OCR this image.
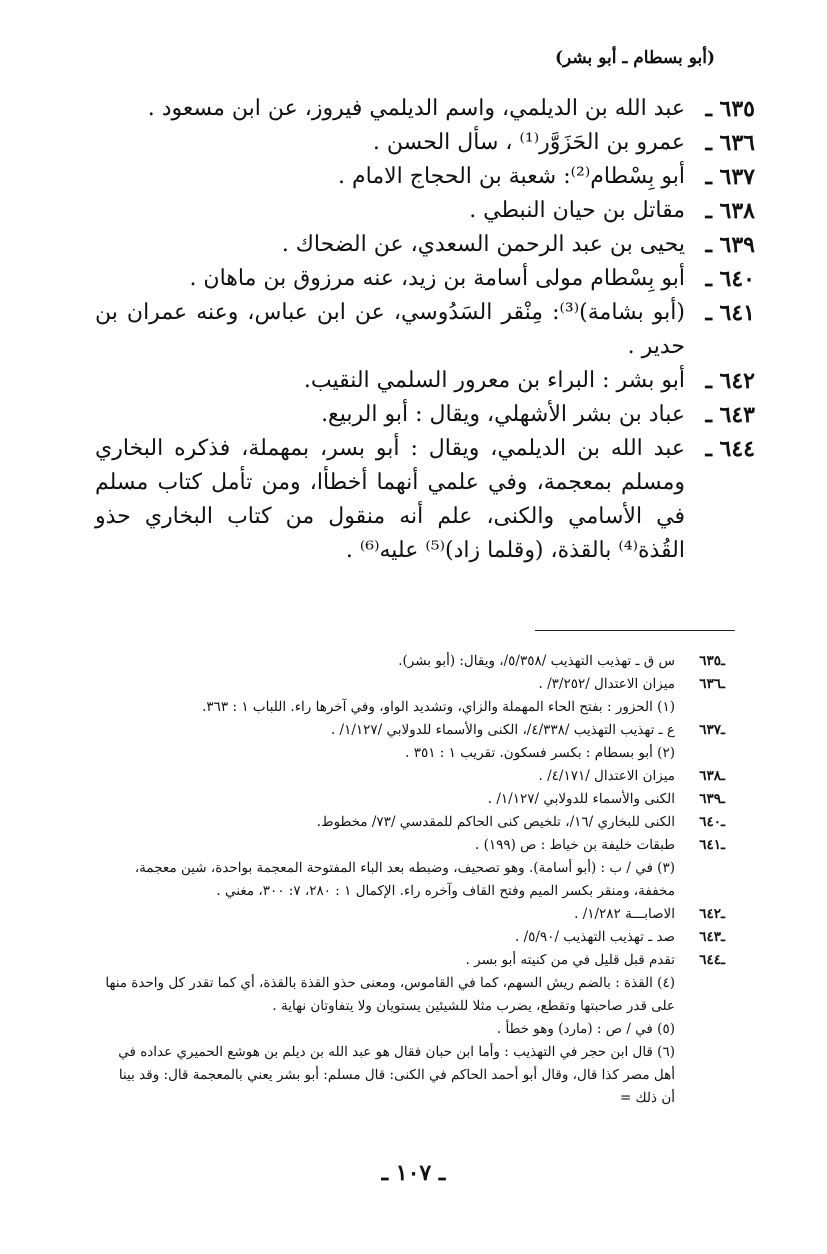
(أبو بسطام ـ أبو بشر)
٦٣٥ ـ
عبد الله بن الديلمي، واسم الديلمي فيروز، عن ابن مسعود .
٦٣٦ ـ
عمرو بن الحَزَوَّر⁽¹⁾ ، سأل الحسن .
٦٣٧ ـ
أبو بِسْطام⁽²⁾: شعبة بن الحجاج الامام .
٦٣٨ ـ
مقاتل بن حيان النبطي .
٦٣٩ ـ
يحيى بن عبد الرحمن السعدي، عن الضحاك .
٦٤٠ ـ
أبو بِسْطام مولى أسامة بن زيد، عنه مرزوق بن ماهان .
٦٤١ ـ
(أبو بشامة)⁽³⁾: مِنْقر السَدُوسي، عن ابن عباس، وعنه عمران بن حدير .
٦٤٢ ـ
أبو بشر : البراء بن معرور السلمي النقيب.
٦٤٣ ـ
عباد بن بشر الأشهلي، ويقال : أبو الربيع.
٦٤٤ ـ
عبد الله بن الديلمي، ويقال : أبو بسر، بمهملة، فذكره البخاري ومسلم بمعجمة، وفي علمي أنهما أخطأا، ومن تأمل كتاب مسلم في الأسامي والكنى، علم أنه منقول من كتاب البخاري حذو القُذة⁽⁴⁾ بالقذة، (وقلما زاد)⁽⁵⁾ عليه⁽⁶⁾ .
ـ٦٣٥
س ق ـ تهذيب التهذيب /٥/٣٥٨/، ويقال: (أبو بشر).
ـ٦٣٦
ميزان الاعتدال /٣/٢٥٢/ .
(١) الحزور : بفتح الحاء المهملة والزاي، وتشديد الواو، وفي آخرها راء. اللباب ١ : ٣٦٣.
ـ٦٣٧
ع ـ تهذيب التهذيب /٤/٣٣٨/، الكنى والأسماء للدولابي /١/١٢٧/ .
(٢) أبو بسطام : بكسر فسكون. تقريب ١ : ٣٥١ .
ـ٦٣٨
ميزان الاعتدال /٤/١٧١/ .
ـ٦٣٩
الكنى والأسماء للدولابي /١/١٢٧/ .
ـ٦٤٠
الكنى للبخاري /١٦/، تلخيص كنى الحاكم للمقدسي /٧٣/ مخطوط.
ـ٦٤١
طبقات خليفة بن خياط : ص (١٩٩) .
(٣) في / ب : (أبو أسامة). وهو تصحيف، وضبطه بعد الباء المفتوحة المعجمة بواحدة، شين معجمة، مخففة، ومنقر بكسر الميم وفتح القاف وآخره راء. الإكمال ١ : ٢٨٠، ٧: ٣٠٠، مغني .
ـ٦٤٢
الاصابـــة ١/٢٨٢/ .
ـ٦٤٣
صد ـ تهذيب التهذيب /٥/٩٠/ .
ـ٦٤٤
تقدم قبل قليل في من كنيته أبو بسر .
(٤) القذة : بالضم ريش السهم، كما في القاموس، ومعنى حذو القذة بالقذة، أي كما تقدر كل واحدة منها على قدر صاحبتها وتقطع، يضرب مثلا للشيئين يستويان ولا يتفاوتان نهاية .
(٥) في / ص : (مارد) وهو خطأ .
(٦) قال ابن حجر في التهذيب : وأما ابن حبان فقال هو عبد الله بن ديلم بن هوشع الحميري عداده في أهل مصر كذا قال، وقال أبو أحمد الحاكم في الكنى: قال مسلم: أبو بشر يعني بالمعجمة قال: وقد بينا أن ذلك =
ـ ١٠٧ ـ
